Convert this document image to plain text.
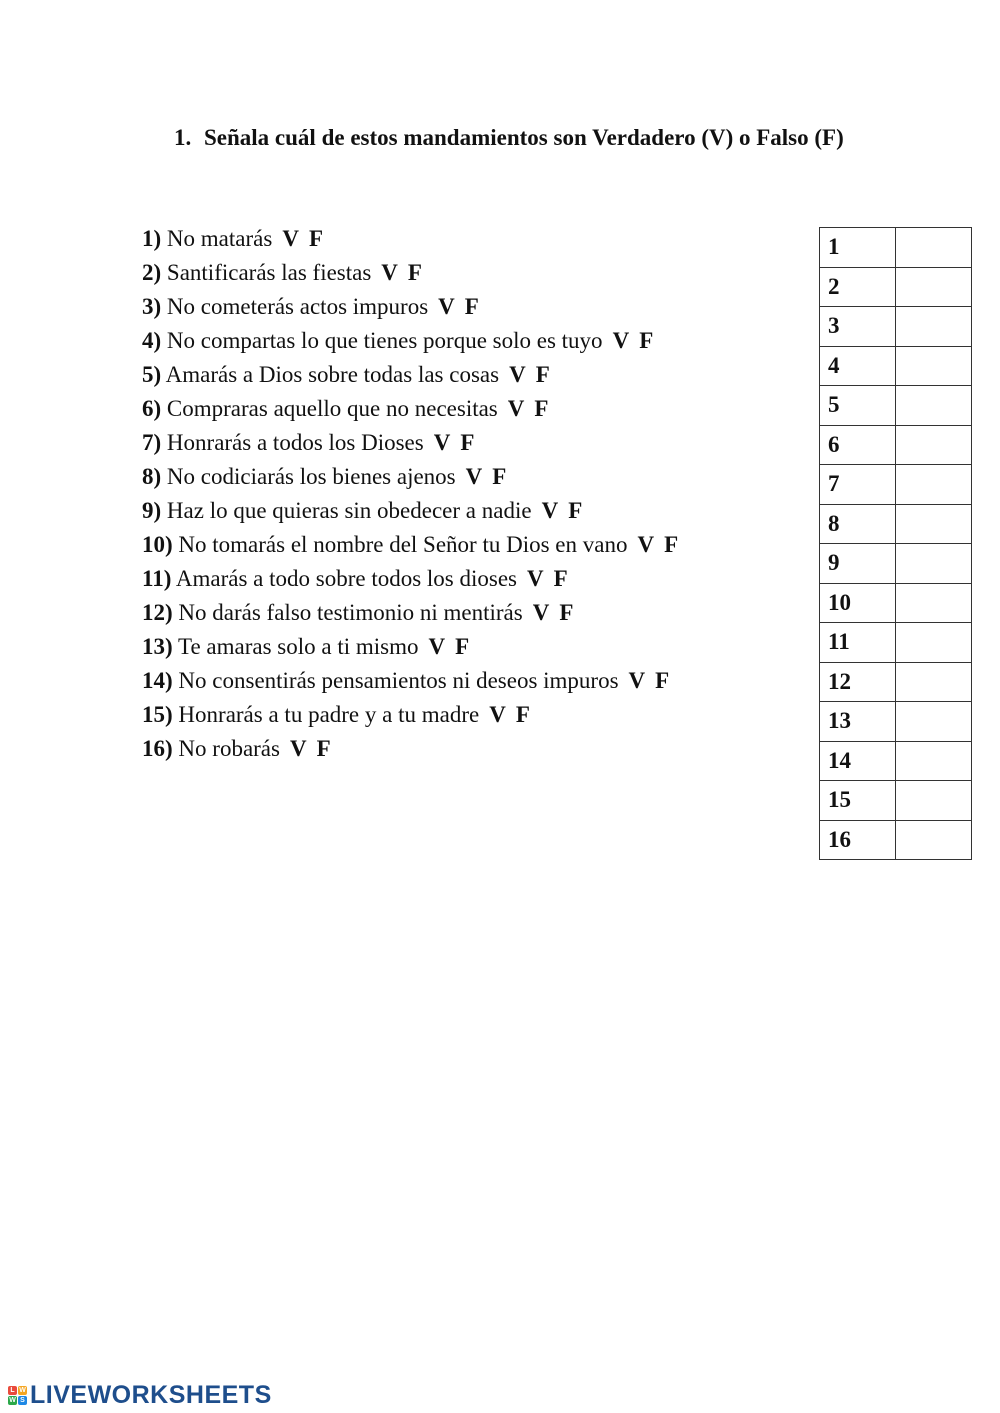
1. Señala cuál de estos mandamientos son Verdadero (V) o Falso (F)
1) No matarás V F
2) Santificarás las fiestas V F
3) No cometerás actos impuros V F
4) No compartas lo que tienes porque solo es tuyo V F
5) Amarás a Dios sobre todas las cosas V F
6) Compraras aquello que no necesitas V F
7) Honrarás a todos los Dioses V F
8) No codiciarás los bienes ajenos V F
9) Haz lo que quieras sin obedecer a nadie V F
10) No tomarás el nombre del Señor tu Dios en vano V F
11) Amarás a todo sobre todos los dioses V F
12) No darás falso testimonio ni mentirás V F
13) Te amaras solo a ti mismo V F
14) No consentirás pensamientos ni deseos impuros V F
15) Honrarás a tu padre y a tu madre V F
16) No robarás V F
1	
2	
3	
4	
5	
6	
7	
8	
9	
10	
11	
12	
13	
14	
15	
16	
L W
W S LIVEWORKSHEETS
